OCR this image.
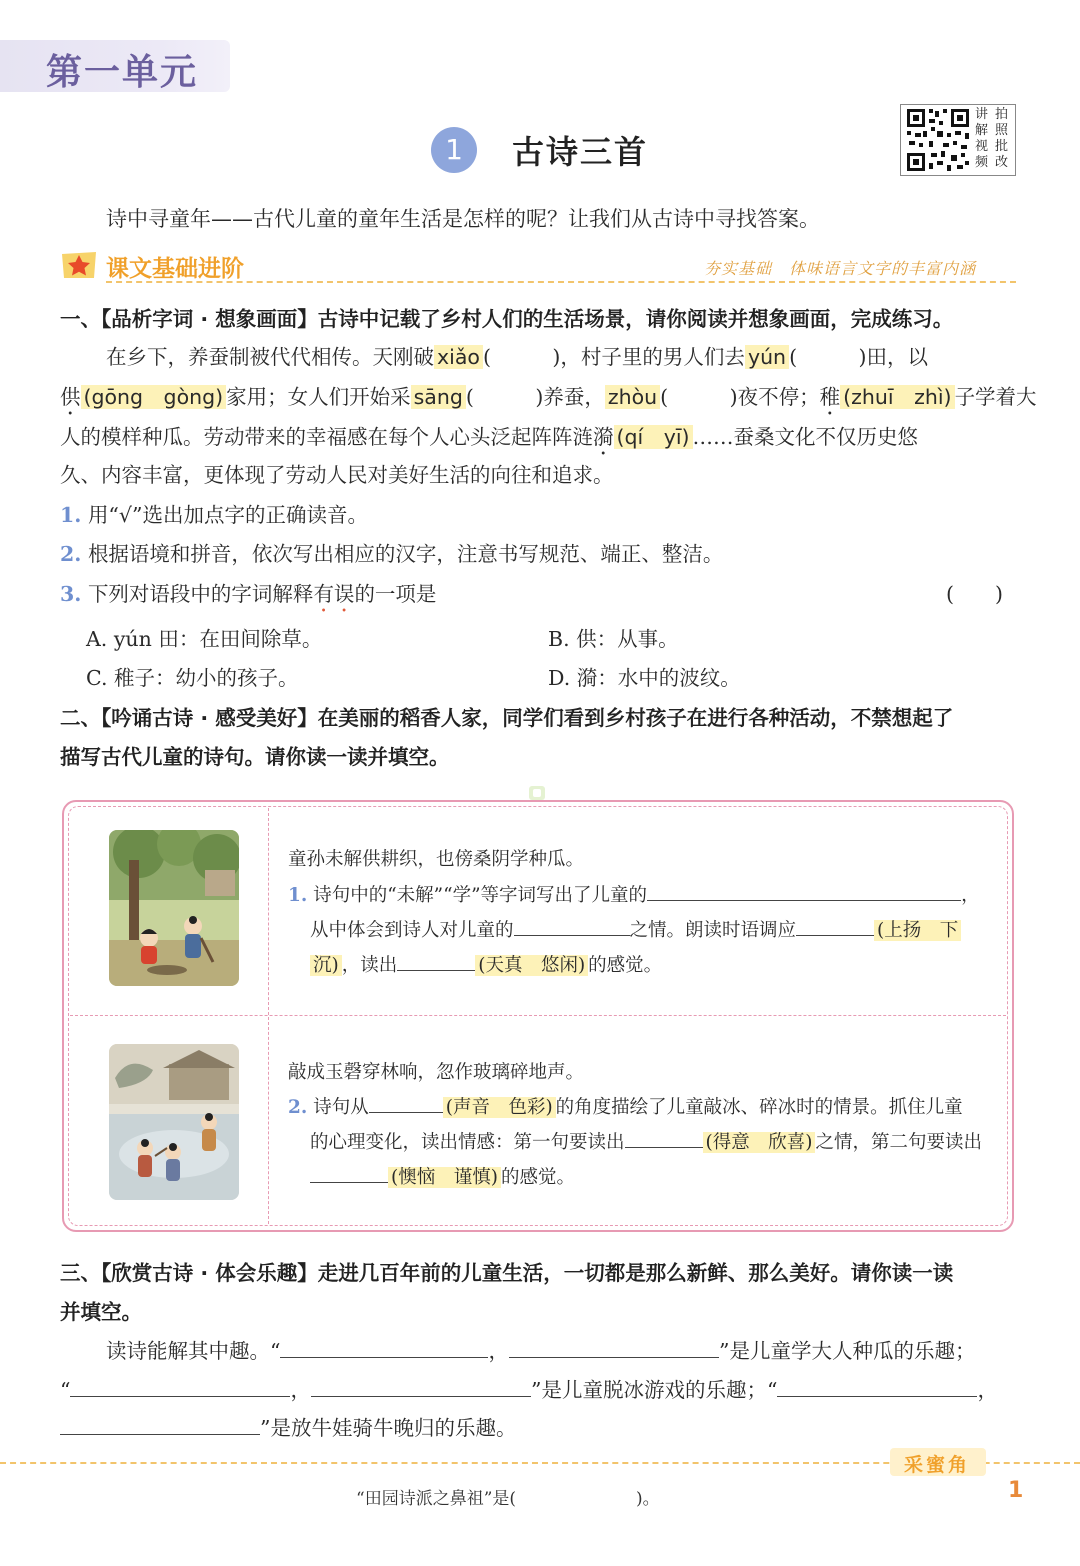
第一单元
1	古诗三首
讲解视频
拍照批改
诗中寻童年——古代儿童的童年生活是怎样的呢？让我们从古诗中寻找答案。
课文基础进阶	夯实基础　 体味语言文字的丰富内涵
一、【品析字词 · 想象画面】古诗中记载了乡村人们的生活场景，请你阅读并想象画面，完成练习。
在乡下，养蚕制被代代相传。天刚破 xiǎo (　　　)，村子里的男人们去 yún (　　　)田，以
供 (gōng　gòng) 家用；女人们开始采 sāng (　　　)养蚕， zhòu (　　　)夜不停；稚 (zhuī　zhì) 子学着大
人的模样种瓜。劳动带来的幸福感在每个人心头泛起阵阵涟漪 (qí　yī) ……蚕桑文化不仅历史悠
久、内容丰富，更体现了劳动人民对美好生活的向往和追求。
1. 用“√”选出加点字的正确读音。
2. 根据语境和拼音，依次写出相应的汉字，注意书写规范、端正、整洁。
3. 下列对语段中的字词解释有误的一项是	(　　)
A. yún 田：在田间除草。	B. 供：从事。
C. 稚子：幼小的孩子。	D. 漪：水中的波纹。
二、【吟诵古诗 · 感受美好】在美丽的稻香人家，同学们看到乡村孩子在进行各种活动，不禁想起了
描写古代儿童的诗句。请你读一读并填空。
童孙未解供耕织，也傍桑阴学种瓜。
1. 诗句中的“未解”“学”等字词写出了儿童的	，
从中体会到诗人对儿童的	之情。朗读时语调应	(上扬　下
沉) ，读出	(天真　悠闲) 的感觉。
敲成玉磬穿林响，忽作玻璃碎地声。
2. 诗句从	(声音　色彩) 的角度描绘了儿童敲冰、碎冰时的情景。抓住儿童
的心理变化，读出情感：第一句要读出	(得意　欣喜) 之情，第二句要读出
(懊恼　谨慎) 的感觉。
三、【欣赏古诗 · 体会乐趣】走进几百年前的儿童生活，一切都是那么新鲜、那么美好。请你读一读
并填空。
读诗能解其中趣。“	，	”是儿童学大人种瓜的乐趣；
“	，	”是儿童脱冰游戏的乐趣；“	，
”是放牛娃骑牛晚归的乐趣。
采蜜角
“田园诗派之鼻祖”是(	)。	1
